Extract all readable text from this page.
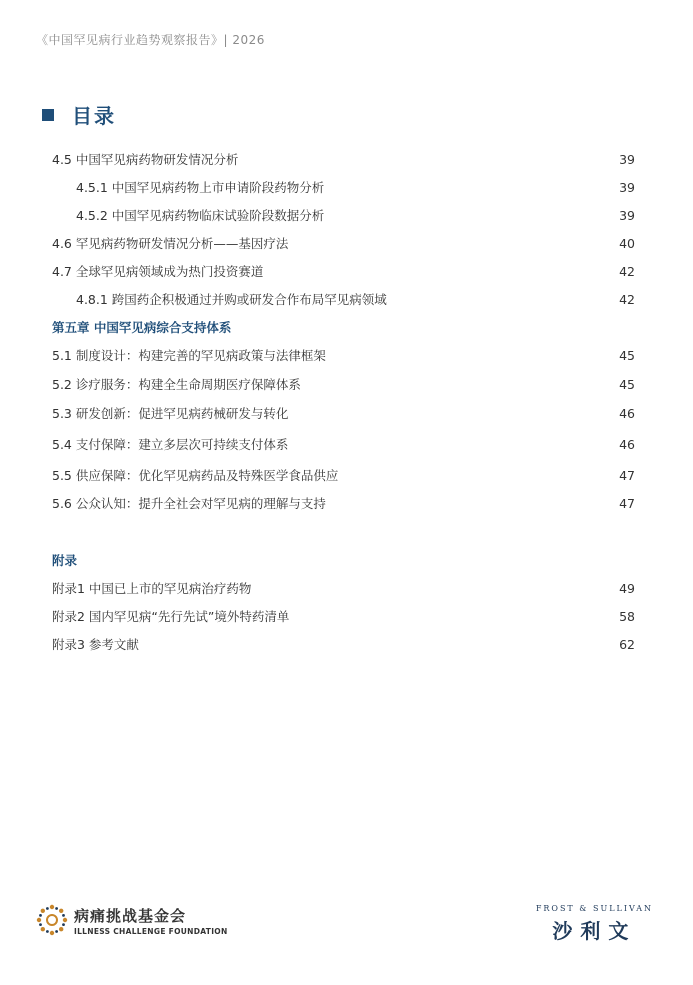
《中国罕见病行业趋势观察报告》| 2026
目录
4.5 中国罕见病药物研发情况分析	39
4.5.1 中国罕见病药物上市申请阶段药物分析	39
4.5.2 中国罕见病药物临床试验阶段数据分析	39
4.6 罕见病药物研发情况分析——基因疗法	40
4.7 全球罕见病领域成为热门投资赛道	42
4.8.1 跨国药企积极通过并购或研发合作布局罕见病领域	42
第五章 中国罕见病综合支持体系
5.1 制度设计：构建完善的罕见病政策与法律框架	45
5.2 诊疗服务：构建全生命周期医疗保障体系	45
5.3 研发创新：促进罕见病药械研发与转化	46
5.4 支付保障：建立多层次可持续支付体系	46
5.5 供应保障：优化罕见病药品及特殊医学食品供应	47
5.6 公众认知：提升全社会对罕见病的理解与支持	47
附录
附录1 中国已上市的罕见病治疗药物	49
附录2 国内罕见病“先行先试”境外特药清单	58
附录3 参考文献	62
病痛挑战基金会
ILLNESS CHALLENGE FOUNDATION
FROST & SULLIVAN
沙利文
